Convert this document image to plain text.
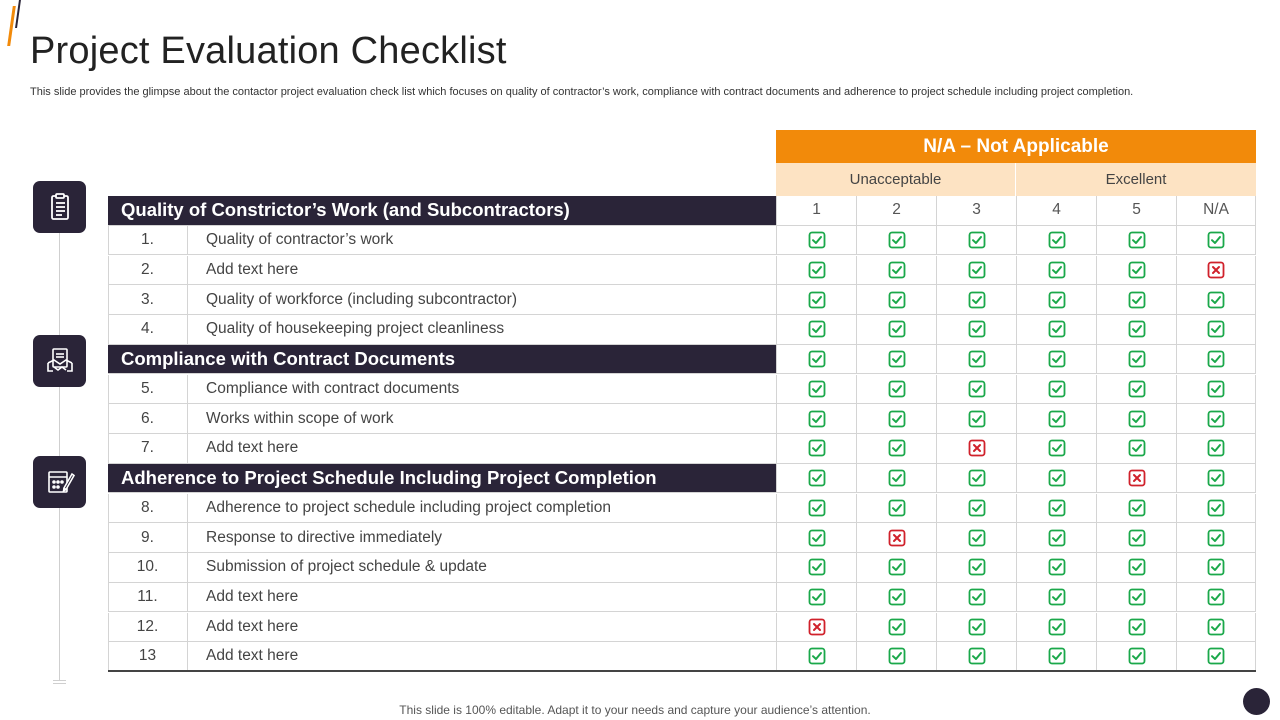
Project Evaluation Checklist

This slide provides the glimpse about the contactor project evaluation check list which focuses on quality of contractor’s work, compliance with contract documents and adherence to project schedule including project completion.

N/A – Not Applicable
Unacceptable	Excellent
Quality of Constrictor’s Work (and Subcontractors)	1	2	3	4	5	N/A
1.	Quality of contractor’s work
2.	Add text here
3.	Quality of workforce (including subcontractor)
4.	Quality of housekeeping project cleanliness
Compliance with Contract Documents
5.	Compliance with contract documents
6.	Works within scope of work
7.	Add text here
Adherence to Project Schedule Including Project Completion
8.	Adherence to project schedule including project completion
9.	Response to directive immediately
10.	Submission of project schedule & update
11.	Add text here
12.	Add text here
13	Add text here
This slide is 100% editable. Adapt it to your needs and capture your audience’s attention.
